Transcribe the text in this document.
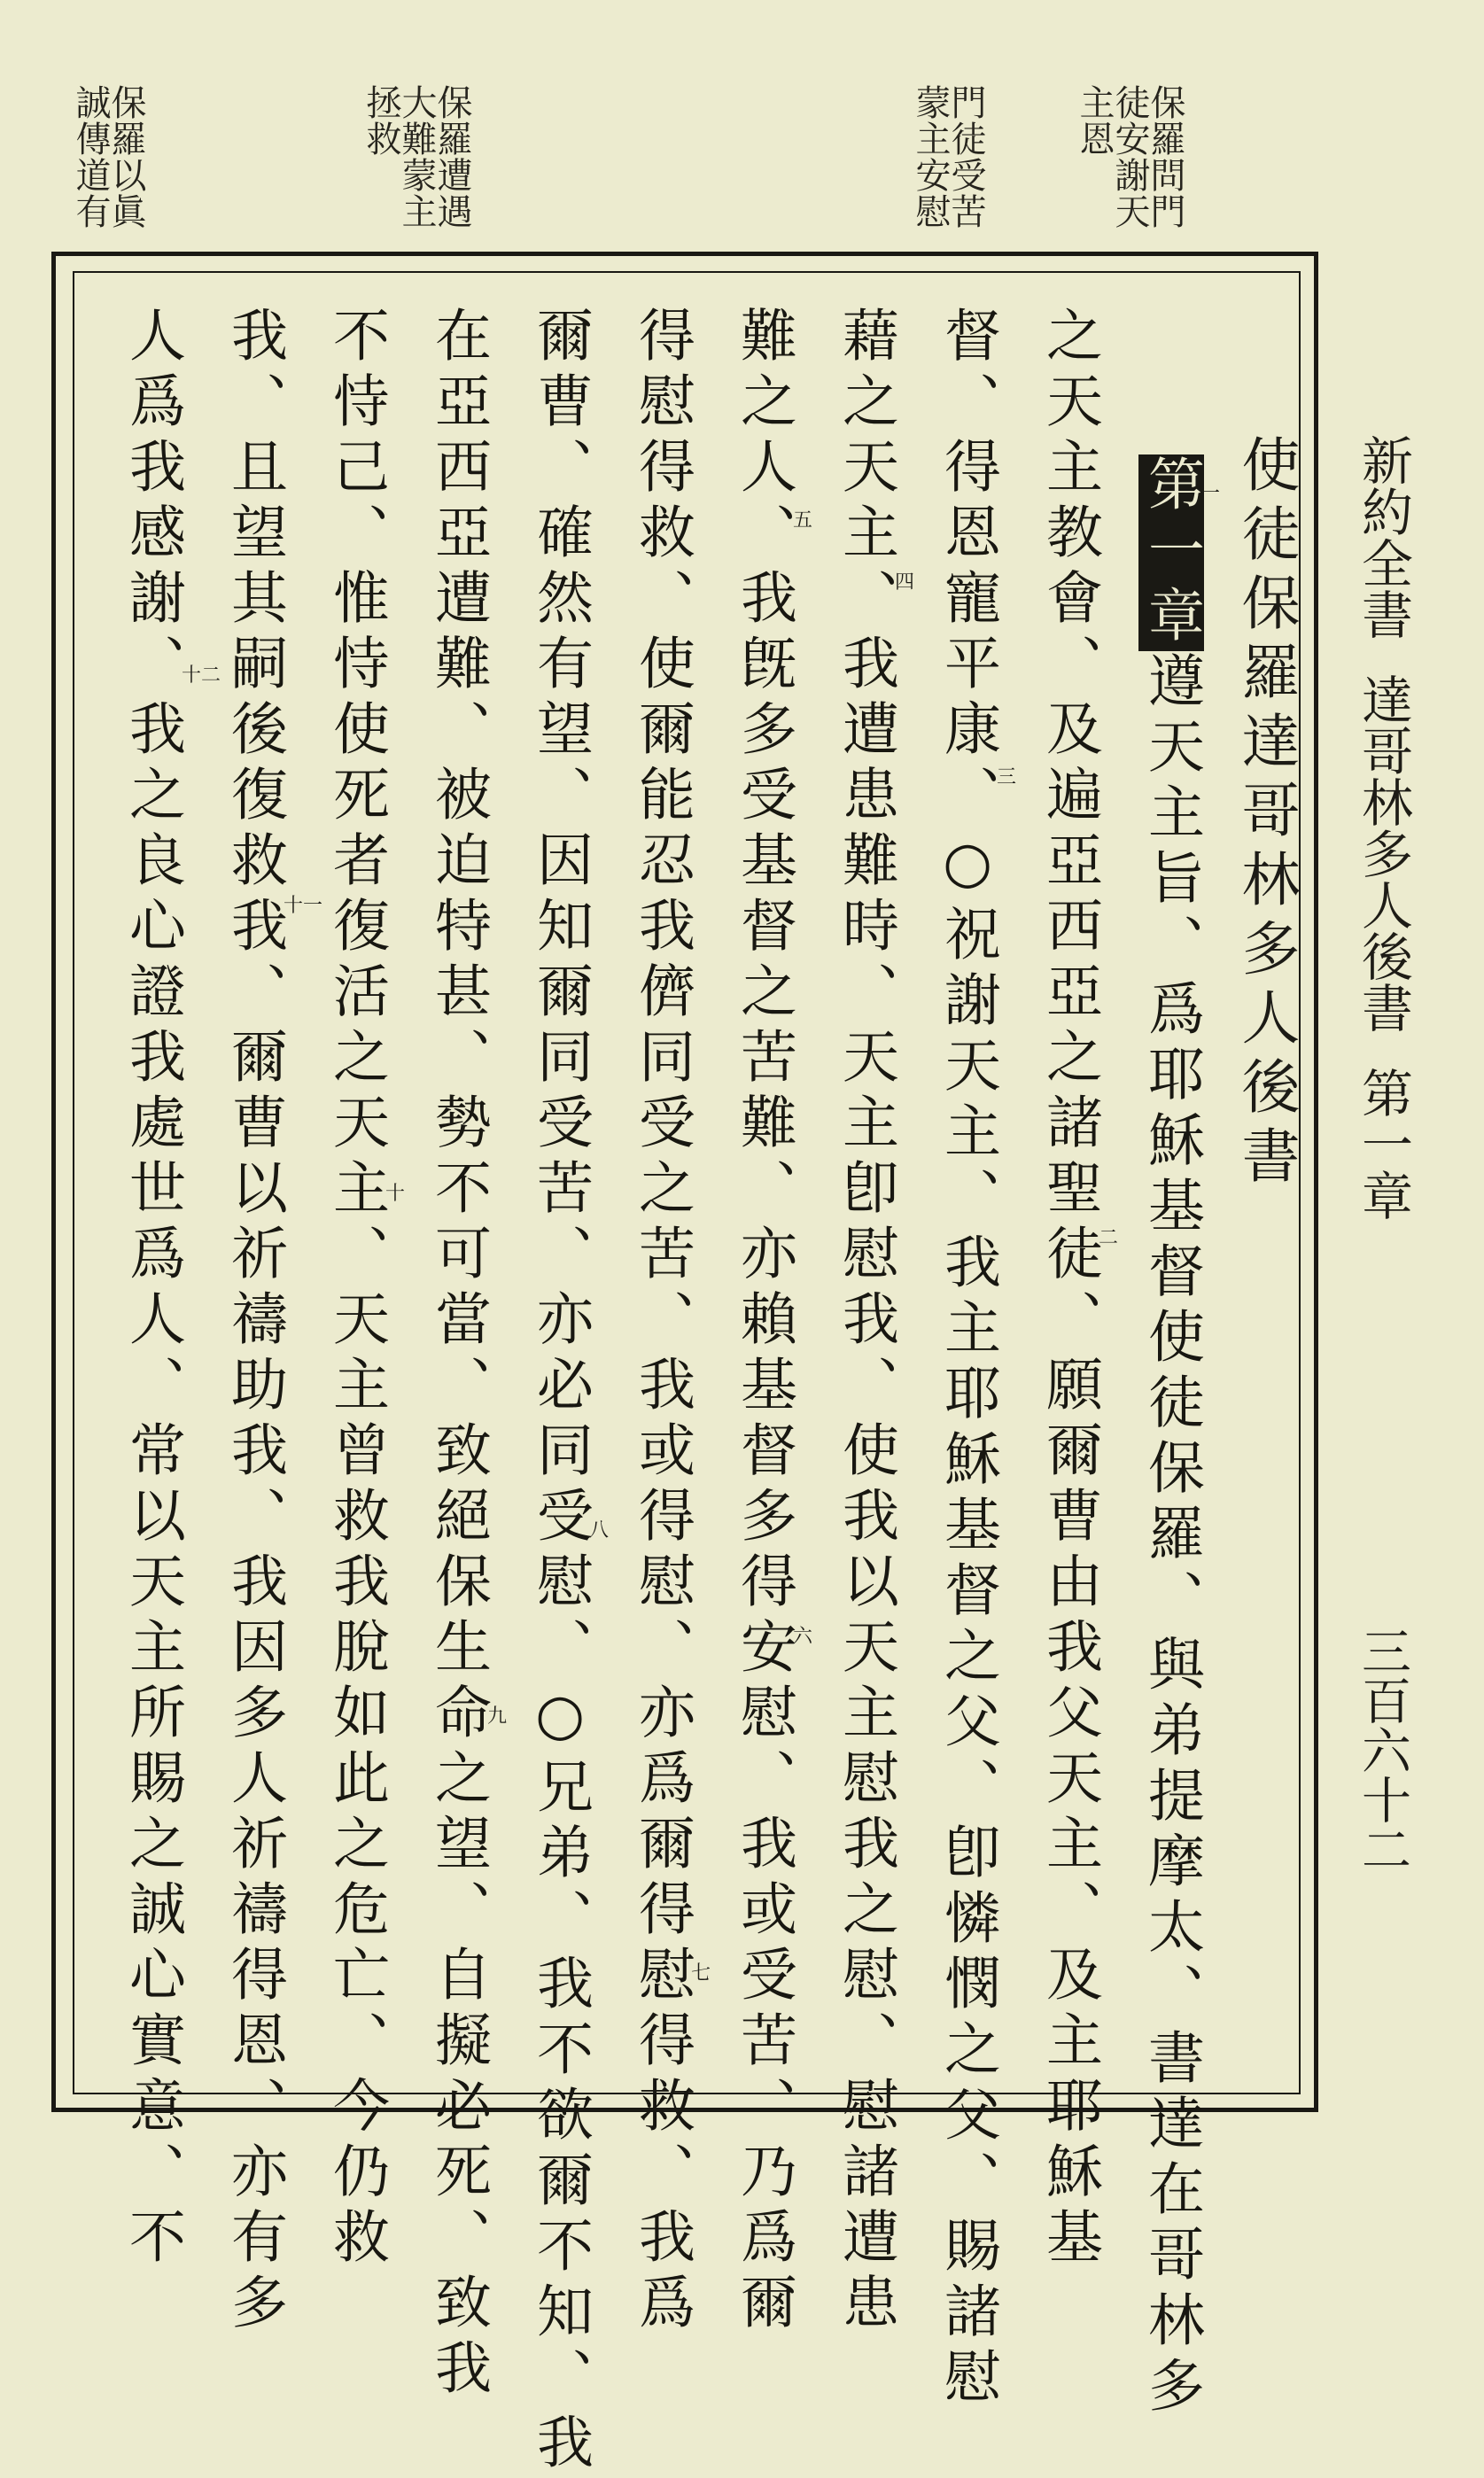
保羅問門
徒安謝天
主恩
門徒受苦
蒙主安慰
保羅遭遇
大難蒙主
拯救
保羅以眞
誠傳道有
新約全書
達哥林多人後書
第一章
三百六十二
使徒保羅達哥林多人後書

第一章遵天主旨、爲耶穌基督使徒保羅、與弟提摩太、書達在哥林多

之天主教會、及遍亞西亞之諸聖徒、願爾曹由我父天主、及主耶穌基
督、得恩寵平康、○祝謝天主、我主耶穌基督之父、卽憐憫之父、賜諸慰
藉之天主、我遭患難時、天主卽慰我、使我以天主慰我之慰、慰諸遭患
難之人、我旣多受基督之苦難、亦賴基督多得安慰、我或受苦、乃爲爾
得慰得救、使爾能忍我儕同受之苦、我或得慰、亦爲爾得慰得救、我爲
爾曹、確然有望、因知爾同受苦、亦必同受慰、○兄弟、我不欲爾不知、我
在亞西亞遭難、被迫特甚、勢不可當、致絕保生命之望、自擬必死、致我
不恃己、惟恃使死者復活之天主、天主曾救我脫如此之危亡、今仍救
我、且望其嗣後復救我、爾曹以祈禱助我、我因多人祈禱得恩、亦有多
人爲我感謝、我之良心證我處世爲人、常以天主所賜之誠心實意、不	一
二
三
四
五
六
七
八
九
十
十一
十二
